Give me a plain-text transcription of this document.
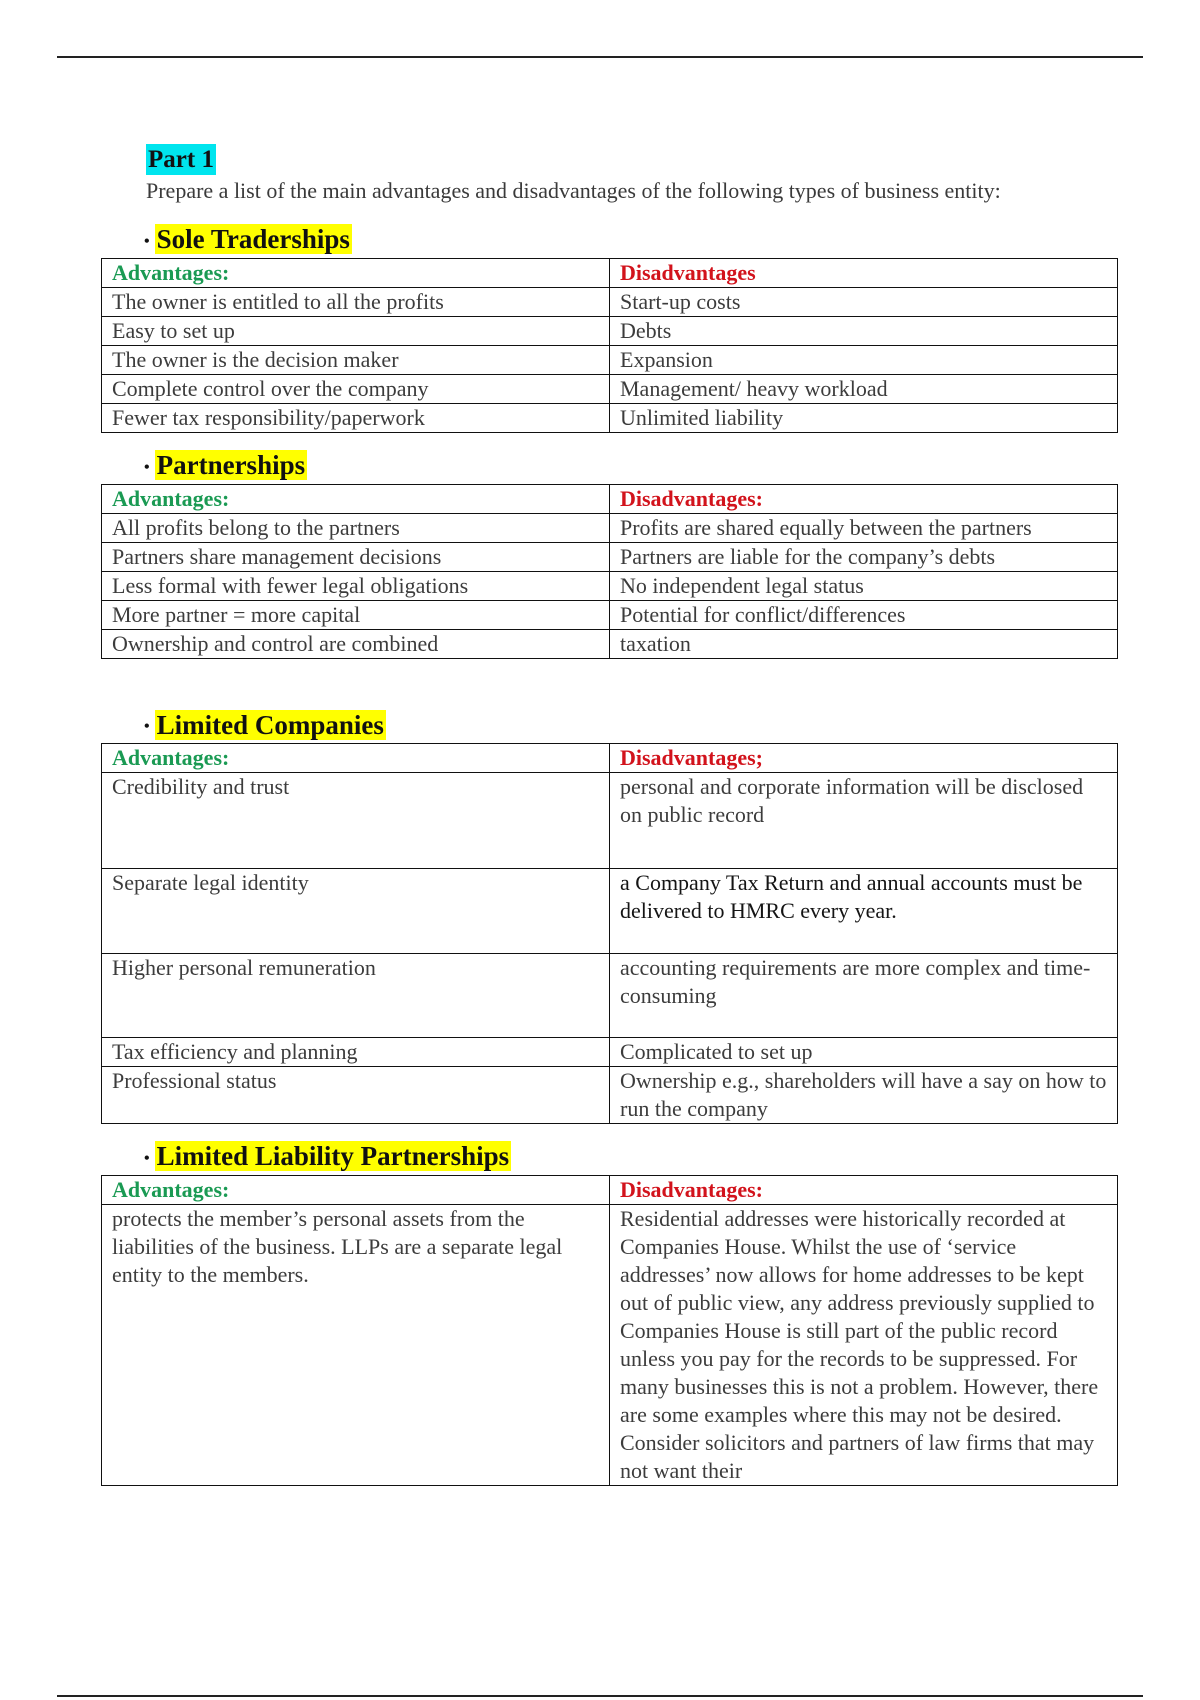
Part 1
Prepare a list of the main advantages and disadvantages of the following types of business entity:
• Sole Traderships
Advantages:	Disadvantages
The owner is entitled to all the profits	Start-up costs
Easy to set up	Debts
The owner is the decision maker	Expansion
Complete control over the company	Management/ heavy workload
Fewer tax responsibility/paperwork	Unlimited liability
• Partnerships
Advantages:	Disadvantages:
All profits belong to the partners	Profits are shared equally between the partners
Partners share management decisions	Partners are liable for the company’s debts
Less formal with fewer legal obligations	No independent legal status
More partner = more capital	Potential for conflict/differences
Ownership and control are combined	taxation
• Limited Companies
Advantages:	Disadvantages;
Credibility and trust	personal and corporate information will be disclosed on public record
Separate legal identity	a Company Tax Return and annual accounts must be delivered to HMRC every year.
Higher personal remuneration	accounting requirements are more complex and time-consuming
Tax efficiency and planning	Complicated to set up
Professional status	Ownership e.g., shareholders will have a say on how to run the company
• Limited Liability Partnerships
Advantages:	Disadvantages:
protects the member’s personal assets from the liabilities of the business. LLPs are a separate legal entity to the members.	Residential addresses were historically recorded at Companies House. Whilst the use of ‘service addresses’ now allows for home addresses to be kept out of public view, any address previously supplied to Companies House is still part of the public record unless you pay for the records to be suppressed. For many businesses this is not a problem. However, there are some examples where this may not be desired. Consider solicitors and partners of law firms that may not want their
